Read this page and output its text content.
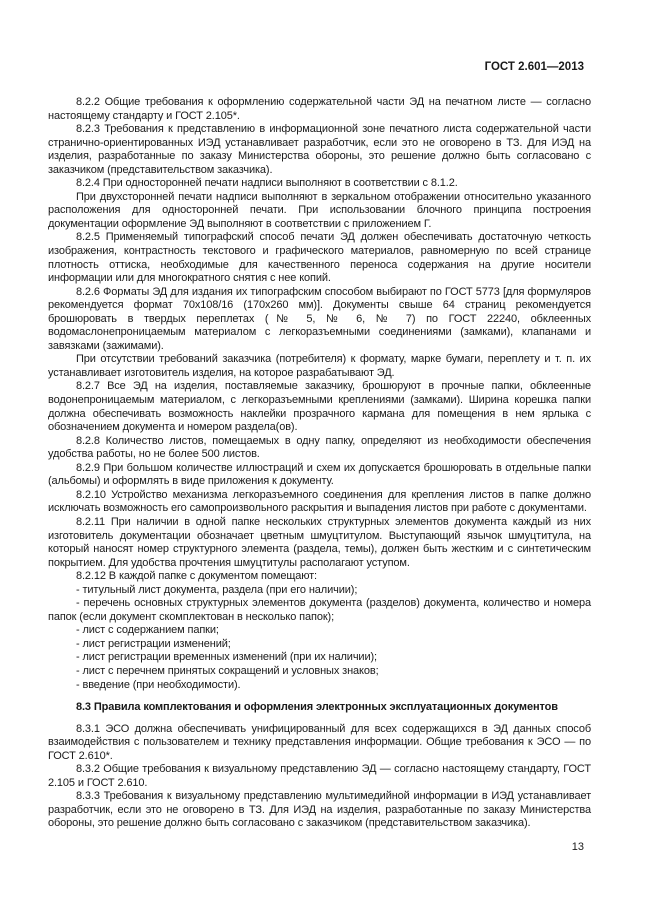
ГОСТ 2.601—2013

8.2.2 Общие требования к оформлению содержательной части ЭД на печатном листе — согласно настоящему стандарту и ГОСТ 2.105*.

8.2.3 Требования к представлению в информационной зоне печатного листа содержательной части странично-ориентированных ИЭД устанавливает разработчик, если это не оговорено в ТЗ. Для ИЭД на изделия, разработанные по заказу Министерства обороны, это решение должно быть согласовано с заказчиком (представительством заказчика).

8.2.4 При односторонней печати надписи выполняют в соответствии с 8.1.2.

При двухсторонней печати надписи выполняют в зеркальном отображении относительно указанного расположения для односторонней печати. При использовании блочного принципа построения документации оформление ЭД выполняют в соответствии с приложением Г.

8.2.5 Применяемый типографский способ печати ЭД должен обеспечивать достаточную четкость изображения, контрастность текстового и графического материалов, равномерную по всей странице плотность оттиска, необходимые для качественного переноса содержания на другие носители информации или для многократного снятия с нее копий.

8.2.6 Форматы ЭД для издания их типографским способом выбирают по ГОСТ 5773 [для формуляров рекомендуется формат 70x108/16 (170x260 мм)]. Документы свыше 64 страниц рекомендуется брошюровать в твердых переплетах (№ 5, № 6, № 7) по ГОСТ 22240, обклеенных водомаслонепроницаемым материалом с легкоразъемными соединениями (замками), клапанами и завязками (зажимами).

При отсутствии требований заказчика (потребителя) к формату, марке бумаги, переплету и т. п. их устанавливает изготовитель изделия, на которое разрабатывают ЭД.

8.2.7 Все ЭД на изделия, поставляемые заказчику, брошюруют в прочные папки, обклеенные водонепроницаемым материалом, с легкоразъемными креплениями (замками). Ширина корешка папки должна обеспечивать возможность наклейки прозрачного кармана для помещения в нем ярлыка с обозначением документа и номером раздела(ов).

8.2.8 Количество листов, помещаемых в одну папку, определяют из необходимости обеспечения удобства работы, но не более 500 листов.

8.2.9 При большом количестве иллюстраций и схем их допускается брошюровать в отдельные папки (альбомы) и оформлять в виде приложения к документу.

8.2.10 Устройство механизма легкоразъемного соединения для крепления листов в папке должно исключать возможность его самопроизвольного раскрытия и выпадения листов при работе с документами.

8.2.11 При наличии в одной папке нескольких структурных элементов документа каждый из них изготовитель документации обозначает цветным шмуцтитулом. Выступающий язычок шмуцтитула, на который наносят номер структурного элемента (раздела, темы), должен быть жестким и с синтетическим покрытием. Для удобства прочтения шмуцтитулы располагают уступом.

8.2.12 В каждой папке с документом помещают:

- титульный лист документа, раздела (при его наличии);

- перечень основных структурных элементов документа (разделов) документа, количество и номера папок (если документ скомплектован в несколько папок);

- лист с содержанием папки;

- лист регистрации изменений;

- лист регистрации временных изменений (при их наличии);

- лист с перечнем принятых сокращений и условных знаков;

- введение (при необходимости).

8.3 Правила комплектования и оформления электронных эксплуатационных документов

8.3.1 ЭСО должна обеспечивать унифицированный для всех содержащихся в ЭД данных способ взаимодействия с пользователем и технику представления информации. Общие требования к ЭСО — по ГОСТ 2.610*.

8.3.2 Общие требования к визуальному представлению ЭД — согласно настоящему стандарту, ГОСТ 2.105 и ГОСТ 2.610.

8.3.3 Требования к визуальному представлению мультимедийной информации в ИЭД устанавливает разработчик, если это не оговорено в ТЗ. Для ИЭД на изделия, разработанные по заказу Министерства обороны, это решение должно быть согласовано с заказчиком (представительством заказчика).

13
